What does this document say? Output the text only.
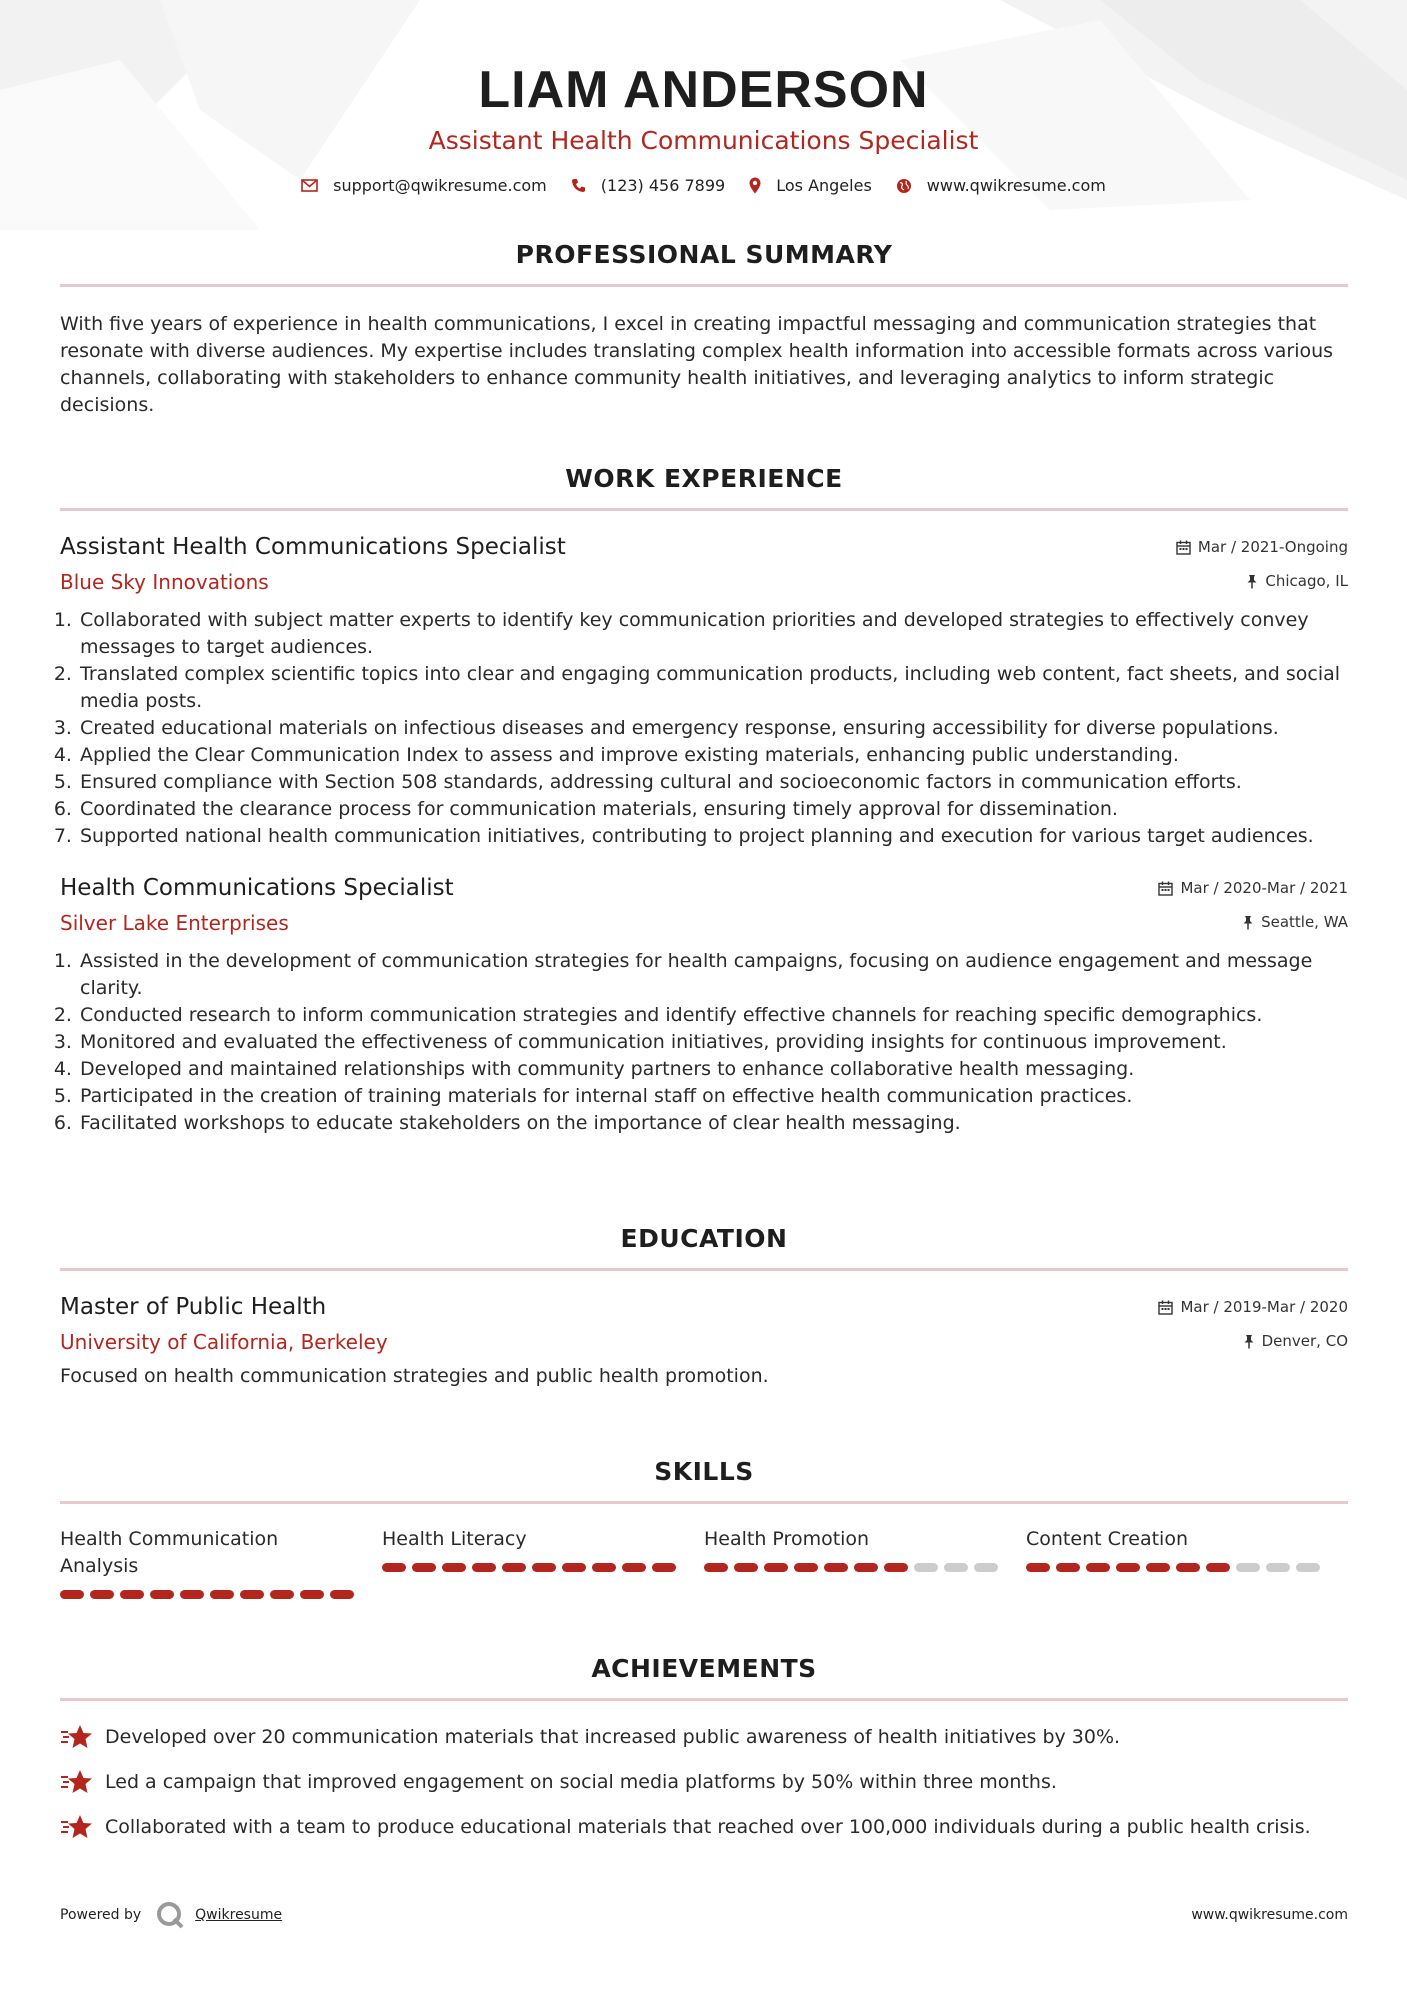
LIAM ANDERSON
Assistant Health Communications Specialist
support@qwikresume.com	(123) 456 7899	Los Angeles	www.qwikresume.com
PROFESSIONAL SUMMARY
With five years of experience in health communications, I excel in creating impactful messaging and communication strategies that resonate with diverse audiences. My expertise includes translating complex health information into accessible formats across various channels, collaborating with stakeholders to enhance community health initiatives, and leveraging analytics to inform strategic decisions.
WORK EXPERIENCE
Assistant Health Communications Specialist
Blue Sky Innovations
Mar / 2021-Ongoing
Chicago, IL
1. Collaborated with subject matter experts to identify key communication priorities and developed strategies to effectively convey messages to target audiences.
2. Translated complex scientific topics into clear and engaging communication products, including web content, fact sheets, and social media posts.
3. Created educational materials on infectious diseases and emergency response, ensuring accessibility for diverse populations.
4. Applied the Clear Communication Index to assess and improve existing materials, enhancing public understanding.
5. Ensured compliance with Section 508 standards, addressing cultural and socioeconomic factors in communication efforts.
6. Coordinated the clearance process for communication materials, ensuring timely approval for dissemination.
7. Supported national health communication initiatives, contributing to project planning and execution for various target audiences.
Health Communications Specialist
Silver Lake Enterprises
Mar / 2020-Mar / 2021
Seattle, WA
1. Assisted in the development of communication strategies for health campaigns, focusing on audience engagement and message clarity.
2. Conducted research to inform communication strategies and identify effective channels for reaching specific demographics.
3. Monitored and evaluated the effectiveness of communication initiatives, providing insights for continuous improvement.
4. Developed and maintained relationships with community partners to enhance collaborative health messaging.
5. Participated in the creation of training materials for internal staff on effective health communication practices.
6. Facilitated workshops to educate stakeholders on the importance of clear health messaging.
EDUCATION
Master of Public Health
University of California, Berkeley
Mar / 2019-Mar / 2020
Denver, CO
Focused on health communication strategies and public health promotion.
SKILLS
Health Communication Analysis
Health Literacy	Health Promotion	Content Creation
ACHIEVEMENTS
Developed over 20 communication materials that increased public awareness of health initiatives by 30%.
Led a campaign that improved engagement on social media platforms by 50% within three months.
Collaborated with a team to produce educational materials that reached over 100,000 individuals during a public health crisis.
Powered by	Qwikresume	www.qwikresume.com
